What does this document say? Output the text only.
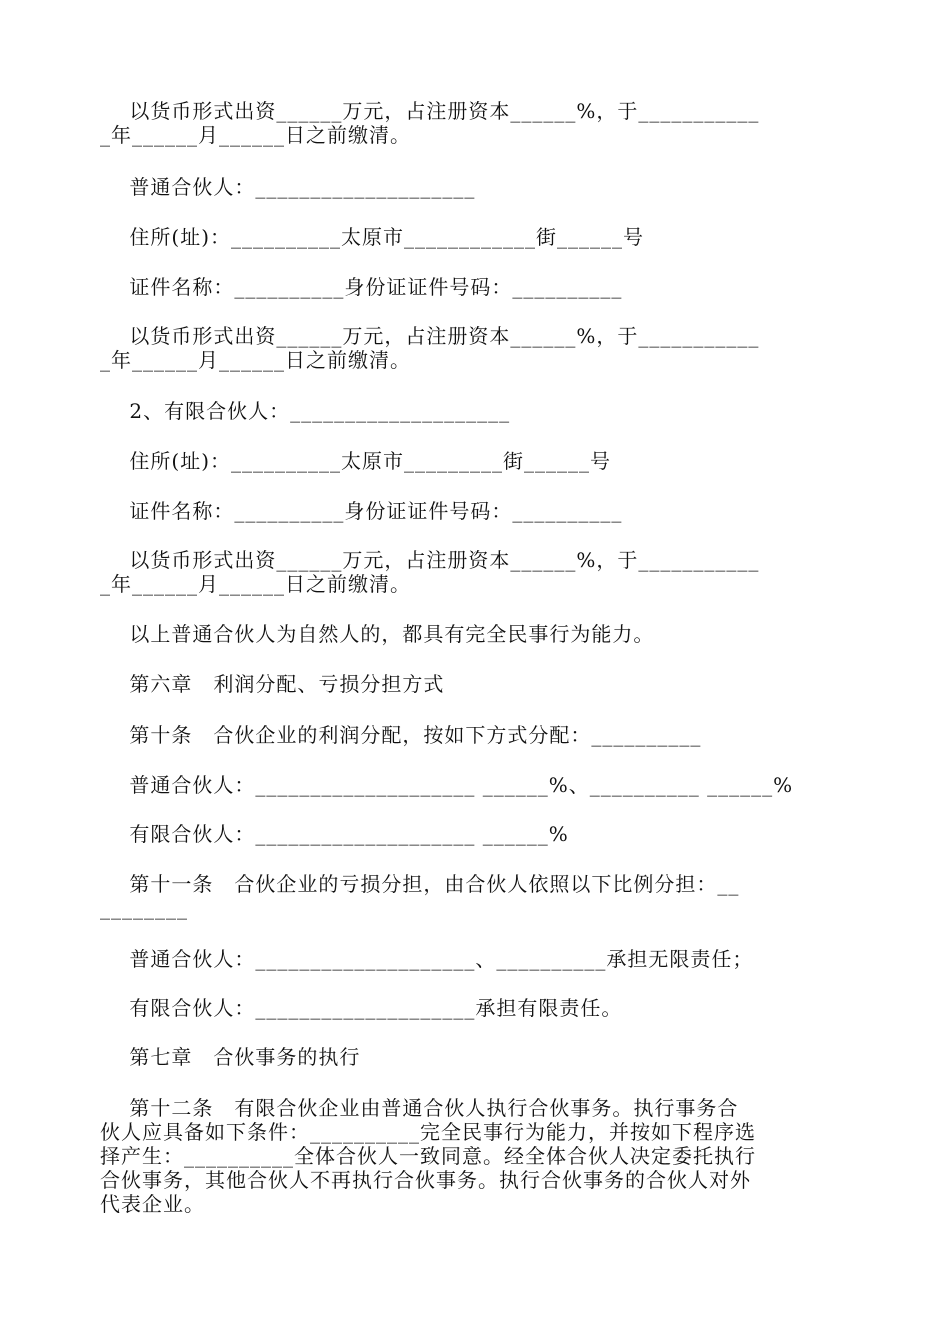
以货币形式出资______万元，占注册资本______%，于___________
_年______月______日之前缴清。

普通合伙人：____________________

住所(址)：__________太原市____________街______号

证件名称：__________身份证证件号码：__________

以货币形式出资______万元，占注册资本______%，于___________
_年______月______日之前缴清。

2、有限合伙人：____________________

住所(址)：__________太原市_________街______号

证件名称：__________身份证证件号码：__________

以货币形式出资______万元，占注册资本______%，于___________
_年______月______日之前缴清。

以上普通合伙人为自然人的，都具有完全民事行为能力。

第六章　利润分配、亏损分担方式

第十条　合伙企业的利润分配，按如下方式分配：__________

普通合伙人：____________________ ______%、__________ ______%

有限合伙人：____________________ ______%

第十一条　合伙企业的亏损分担，由合伙人依照以下比例分担：__
________

普通合伙人：____________________、__________承担无限责任；

有限合伙人：____________________承担有限责任。

第七章　合伙事务的执行

第十二条　有限合伙企业由普通合伙人执行合伙事务。执行事务合
伙人应具备如下条件：__________完全民事行为能力，并按如下程序选
择产生：__________全体合伙人一致同意。经全体合伙人决定委托执行
合伙事务，其他合伙人不再执行合伙事务。执行合伙事务的合伙人对外
代表企业。
